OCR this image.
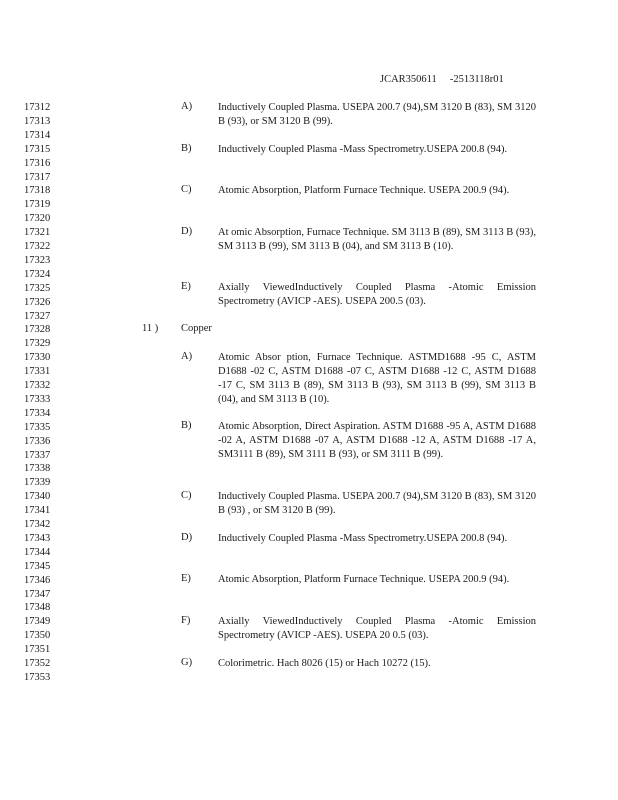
JCAR350611 -2513118r01
17312
17313
17314
17315
17316
17317
17318
17319
17320
17321
17322
17323
17324
17325
17326
17327
17328
17329
17330
17331
17332
17333
17334
17335
17336
17337
17338
17339
17340
17341
17342
17343
17344
17345
17346
17347
17348
17349
17350
17351
17352
17353
A) Inductively Coupled Plasma. USEPA 200.7 (94),SM 3120 B (83), SM 3120 B (93), or SM 3120 B (99).
B)	Inductively Coupled Plasma -Mass Spectrometry.USEPA 200.8 (94).
C)	Atomic Absorption, Platform Furnace Technique. USEPA 200.9 (94).
D) At omic Absorption, Furnace Technique. SM 3113 B (89), SM 3113 B (93), SM 3113 B (99), SM 3113 B (04), and SM 3113 B (10).
E)	Axially ViewedInductively Coupled Plasma -Atomic Emission Spectrometry (AVICP -AES). USEPA 200.5 (03).
11 ) Copper
A) Atomic Absor ption, Furnace Technique. ASTMD1688 -95 C, ASTM D1688 -02 C, ASTM D1688 -07 C, ASTM D1688 -12 C, ASTM D1688 -17 C, SM 3113 B (89), SM 3113 B (93), SM 3113 B (99), SM 3113 B (04), and SM 3113 B (10).
B)	Atomic Absorption, Direct Aspiration. ASTM D1688 -95 A, ASTM D1688 -02 A, ASTM D1688 -07 A, ASTM D1688 -12 A, ASTM D1688 -17 A, SM3111 B (89), SM 3111 B (93), or SM 3111 B (99).
C)	Inductively Coupled Plasma. USEPA 200.7 (94),SM 3120 B (83), SM 3120 B (93) , or SM 3120 B (99).
D) Inductively Coupled Plasma -Mass Spectrometry.USEPA 200.8 (94).
E)	Atomic Absorption, Platform Furnace Technique. USEPA 200.9 (94).
F)	Axially ViewedInductively Coupled Plasma -Atomic Emission Spectrometry (AVICP -AES). USEPA 20 0.5 (03).
G) Colorimetric. Hach 8026 (15) or Hach 10272 (15).
